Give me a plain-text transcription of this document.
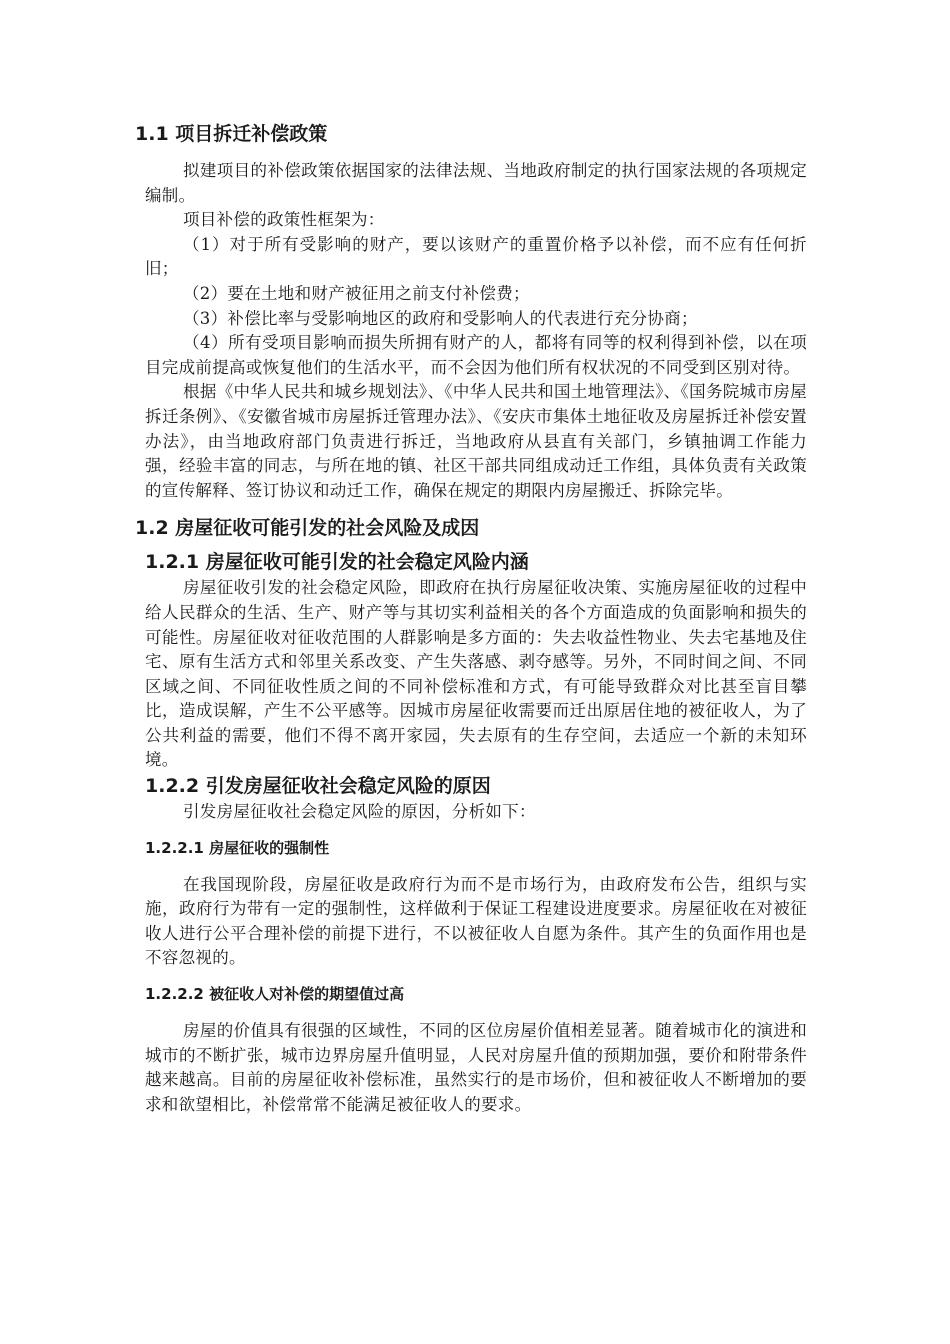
1.1 项目拆迁补偿政策

拟建项目的补偿政策依据国家的法律法规、当地政府制定的执行国家法规的各项规定编制。

项目补偿的政策性框架为：

（1）对于所有受影响的财产，要以该财产的重置价格予以补偿，而不应有任何折旧；

（2）要在土地和财产被征用之前支付补偿费；

（3）补偿比率与受影响地区的政府和受影响人的代表进行充分协商；

（4）所有受项目影响而损失所拥有财产的人，都将有同等的权利得到补偿，以在项目完成前提高或恢复他们的生活水平，而不会因为他们所有权状况的不同受到区别对待。

根据《中华人民共和城乡规划法》、《中华人民共和国土地管理法》、《国务院城市房屋拆迁条例》、《安徽省城市房屋拆迁管理办法》、《安庆市集体土地征收及房屋拆迁补偿安置办法》，由当地政府部门负责进行拆迁，当地政府从县直有关部门，乡镇抽调工作能力强，经验丰富的同志，与所在地的镇、社区干部共同组成动迁工作组，具体负责有关政策的宣传解释、签订协议和动迁工作，确保在规定的期限内房屋搬迁、拆除完毕。

1.2 房屋征收可能引发的社会风险及成因
1.2.1 房屋征收可能引发的社会稳定风险内涵

房屋征收引发的社会稳定风险，即政府在执行房屋征收决策、实施房屋征收的过程中给人民群众的生活、生产、财产等与其切实利益相关的各个方面造成的负面影响和损失的可能性。房屋征收对征收范围的人群影响是多方面的：失去收益性物业、失去宅基地及住宅、原有生活方式和邻里关系改变、产生失落感、剥夺感等。另外，不同时间之间、不同区域之间、不同征收性质之间的不同补偿标准和方式，有可能导致群众对比甚至盲目攀比，造成误解，产生不公平感等。因城市房屋征收需要而迁出原居住地的被征收人，为了公共利益的需要，他们不得不离开家园，失去原有的生存空间，去适应一个新的未知环境。

1.2.2 引发房屋征收社会稳定风险的原因

引发房屋征收社会稳定风险的原因，分析如下：

1.2.2.1 房屋征收的强制性

在我国现阶段，房屋征收是政府行为而不是市场行为，由政府发布公告，组织与实施，政府行为带有一定的强制性，这样做利于保证工程建设进度要求。房屋征收在对被征收人进行公平合理补偿的前提下进行，不以被征收人自愿为条件。其产生的负面作用也是不容忽视的。

1.2.2.2 被征收人对补偿的期望值过高

房屋的价值具有很强的区域性，不同的区位房屋价值相差显著。随着城市化的演进和城市的不断扩张，城市边界房屋升值明显，人民对房屋升值的预期加强，要价和附带条件越来越高。目前的房屋征收补偿标准，虽然实行的是市场价，但和被征收人不断增加的要求和欲望相比，补偿常常不能满足被征收人的要求。
